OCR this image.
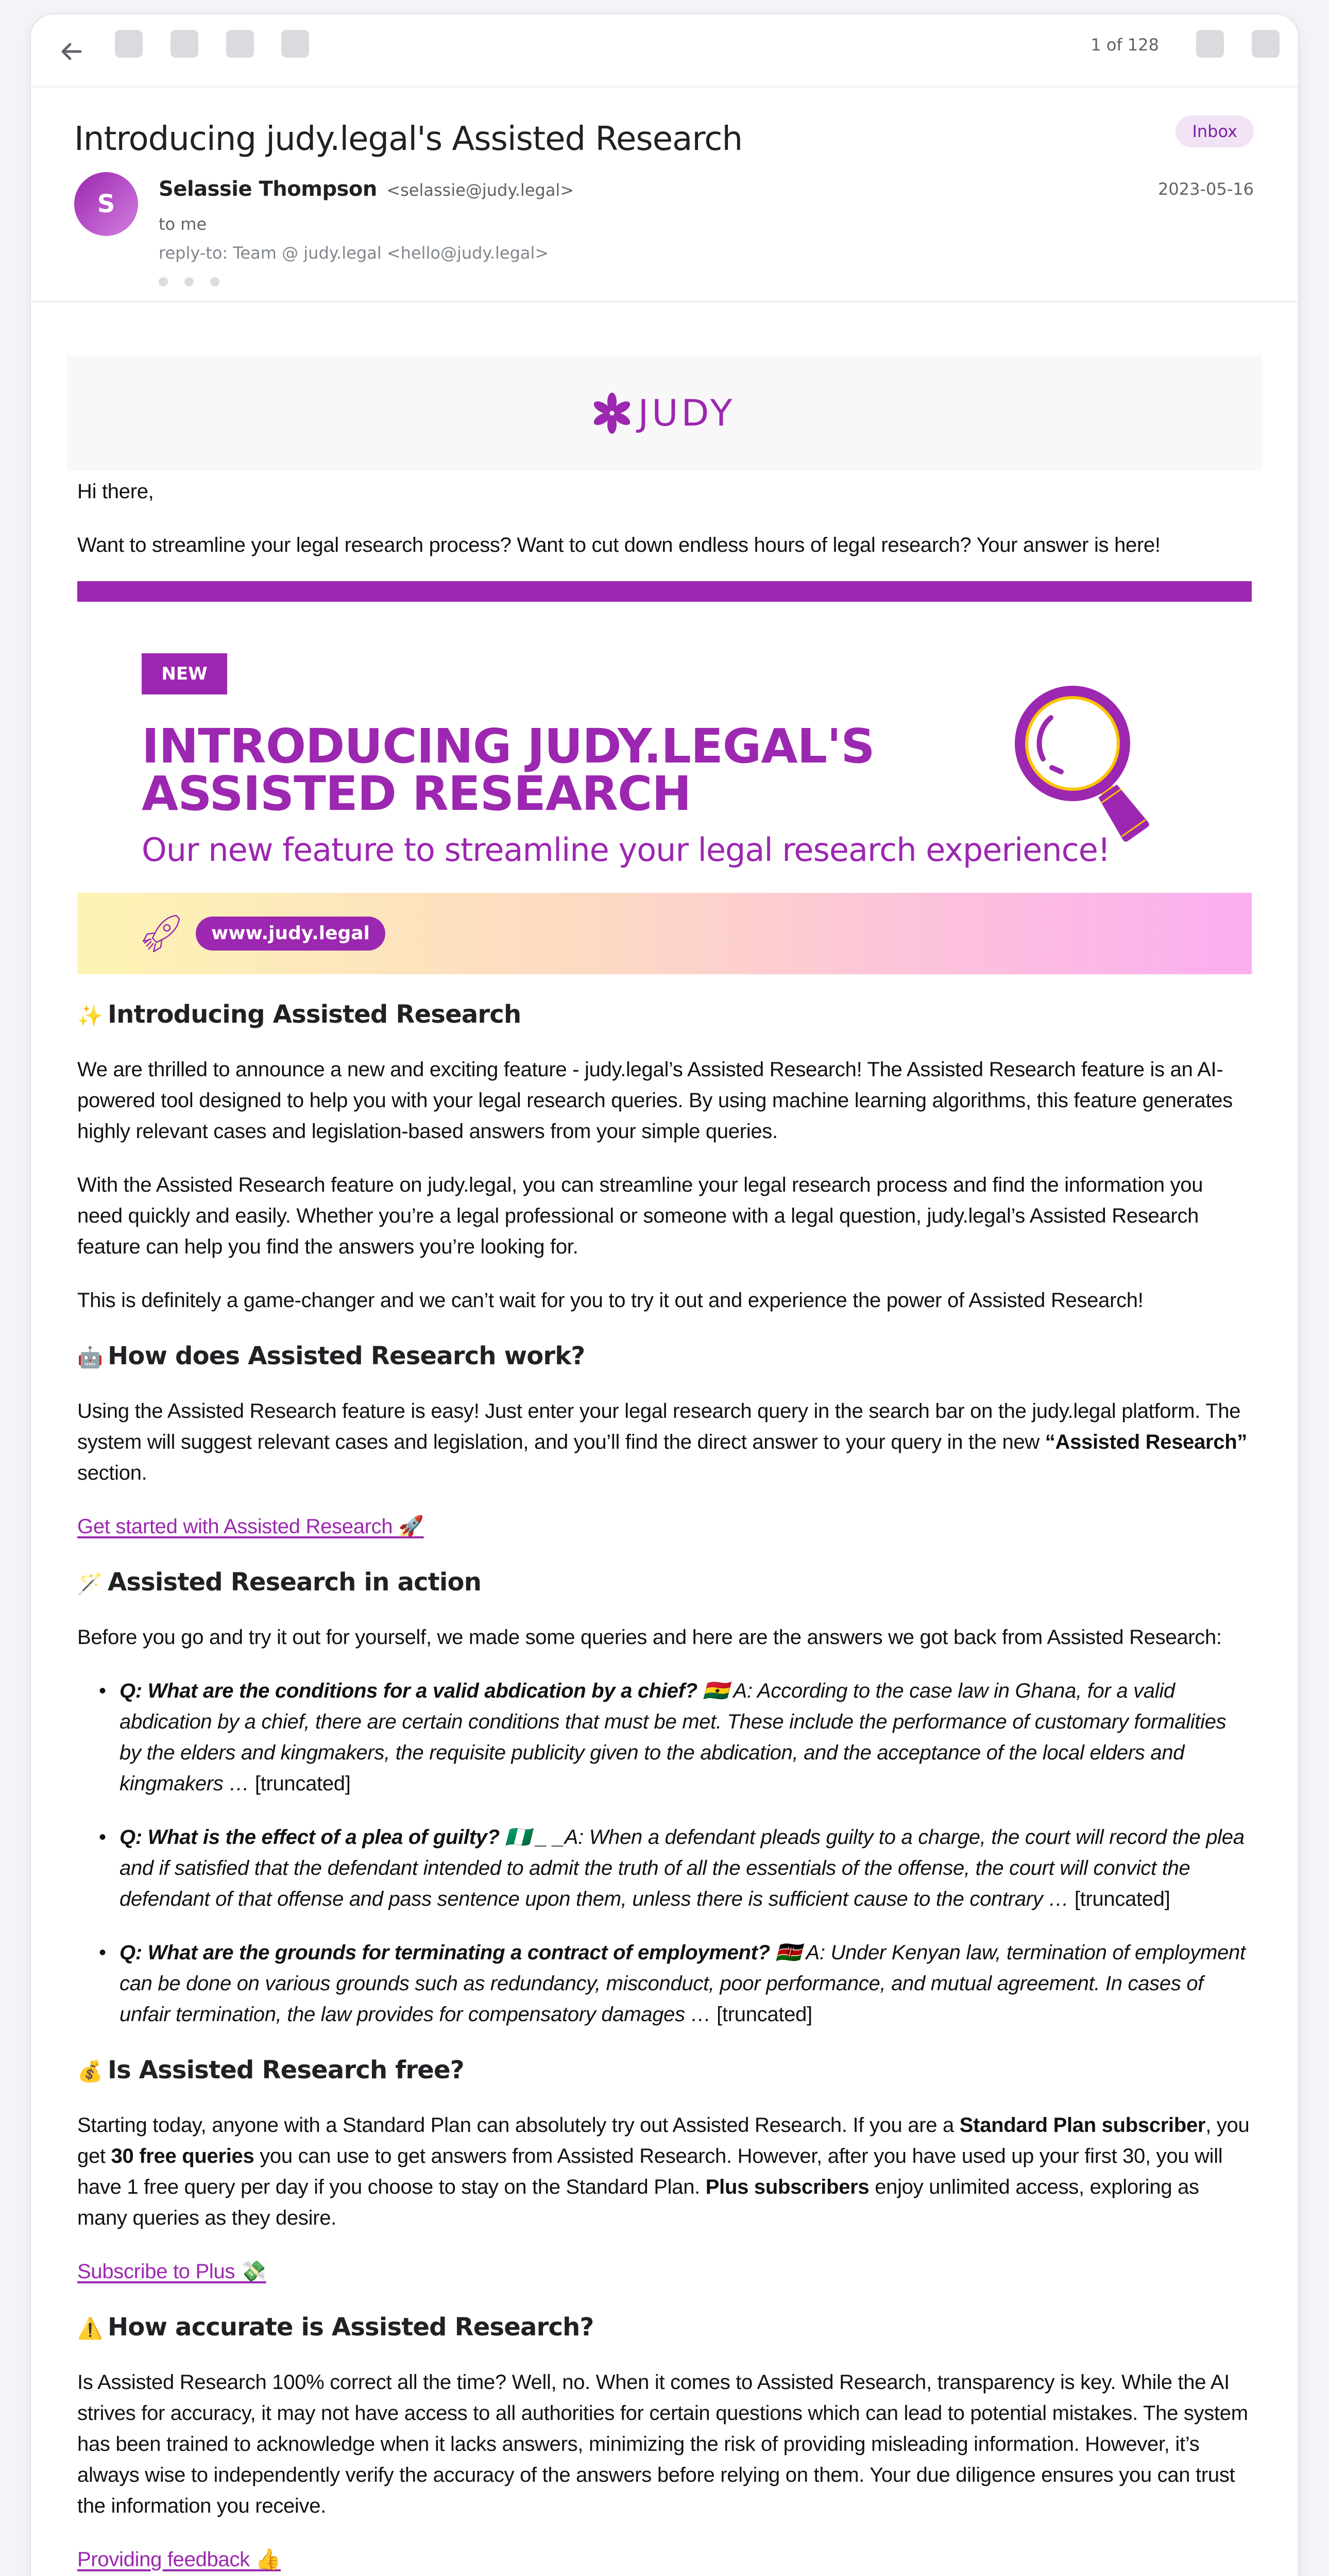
1 of 128
Introducing judy.legal's Assisted Research	Inbox
S
Selassie Thompson <selassie@judy.legal>
to me
reply-to: Team @ judy.legal <hello@judy.legal>
2023-05-16
JUDY

Hi there,

Want to streamline your legal research process? Want to cut down endless hours of legal research? Your answer is here!

NEW
INTRODUCING JUDY.LEGAL'S
ASSISTED RESEARCH
Our new feature to streamline your legal research experience!
www.judy.legal
✨ Introducing Assisted Research

We are thrilled to announce a new and exciting feature - judy.legal’s Assisted Research! The Assisted Research feature is an AI-powered tool designed to help you with your legal research queries. By using machine learning algorithms, this feature generates highly relevant cases and legislation-based answers from your simple queries.

With the Assisted Research feature on judy.legal, you can streamline your legal research process and find the information you need quickly and easily. Whether you’re a legal professional or someone with a legal question, judy.legal’s Assisted Research feature can help you find the answers you’re looking for.

This is definitely a game-changer and we can’t wait for you to try it out and experience the power of Assisted Research!

🤖 How does Assisted Research work?

Using the Assisted Research feature is easy! Just enter your legal research query in the search bar on the judy.legal platform. The system will suggest relevant cases and legislation, and you’ll find the direct answer to your query in the new “Assisted Research” section.

Get started with Assisted Research 🚀

🪄 Assisted Research in action

Before you go and try it out for yourself, we made some queries and here are the answers we got back from Assisted Research:

• Q: What are the conditions for a valid abdication by a chief? 🇬🇭 A: According to the case law in Ghana, for a valid abdication by a chief, there are certain conditions that must be met. These include the performance of customary formalities by the elders and kingmakers, the requisite publicity given to the abdication, and the acceptance of the local elders and kingmakers … [truncated]
• Q: What is the effect of a plea of guilty? 🇳🇬 _ _A: When a defendant pleads guilty to a charge, the court will record the plea and if satisfied that the defendant intended to admit the truth of all the essentials of the offense, the court will convict the defendant of that offense and pass sentence upon them, unless there is sufficient cause to the contrary … [truncated]
• Q: What are the grounds for terminating a contract of employment? 🇰🇪 A: Under Kenyan law, termination of employment can be done on various grounds such as redundancy, misconduct, poor performance, and mutual agreement. In cases of unfair termination, the law provides for compensatory damages … [truncated]
💰 Is Assisted Research free?

Starting today, anyone with a Standard Plan can absolutely try out Assisted Research. If you are a Standard Plan subscriber, you get 30 free queries you can use to get answers from Assisted Research. However, after you have used up your first 30, you will have 1 free query per day if you choose to stay on the Standard Plan. Plus subscribers enjoy unlimited access, exploring as many queries as they desire.

Subscribe to Plus 💸

⚠️ How accurate is Assisted Research?

Is Assisted Research 100% correct all the time? Well, no. When it comes to Assisted Research, transparency is key. While the AI strives for accuracy, it may not have access to all authorities for certain questions which can lead to potential mistakes. The system has been trained to acknowledge when it lacks answers, minimizing the risk of providing misleading information. However, it’s always wise to independently verify the accuracy of the answers before relying on them. Your due diligence ensures you can trust the information you receive.

Providing feedback 👍
